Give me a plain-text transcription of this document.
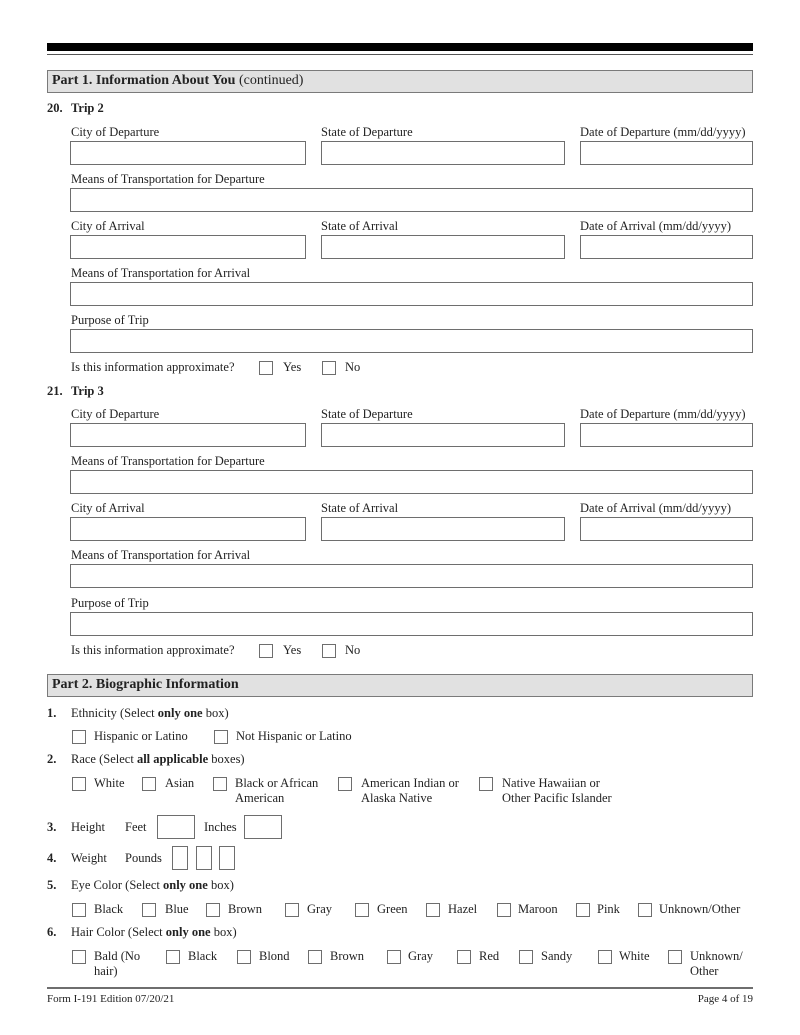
Part 1. Information About You (continued)
20. Trip 2
City of Departure	State of Departure	Date of Departure (mm/dd/yyyy)
Means of Transportation for Departure
City of Arrival	State of Arrival	Date of Arrival (mm/dd/yyyy)
Means of Transportation for Arrival
Purpose of Trip
Is this information approximate?	Yes	No
21. Trip 3
City of Departure	State of Departure	Date of Departure (mm/dd/yyyy)
Means of Transportation for Departure
City of Arrival	State of Arrival	Date of Arrival (mm/dd/yyyy)
Means of Transportation for Arrival
Purpose of Trip
Is this information approximate?	Yes	No
Part 2. Biographic Information
1. Ethnicity (Select only one box)
Hispanic or Latino	Not Hispanic or Latino
2. Race (Select all applicable boxes)
White	Asian	Black or African
American
American Indian or
Alaska Native
Native Hawaiian or
Other Pacific Islander
3. Height Feet	Inches
4. Weight Pounds
5. Eye Color (Select only one box)
Black	Blue	Brown	Gray	Green	Hazel	Maroon	Pink	Unknown/Other
6. Hair Color (Select only one box)
Bald (No
hair)
Black	Blond	Brown	Gray	Red	Sandy	White	Unknown/
Other
Form I-191 Edition 07/20/21	Page 4 of 19
